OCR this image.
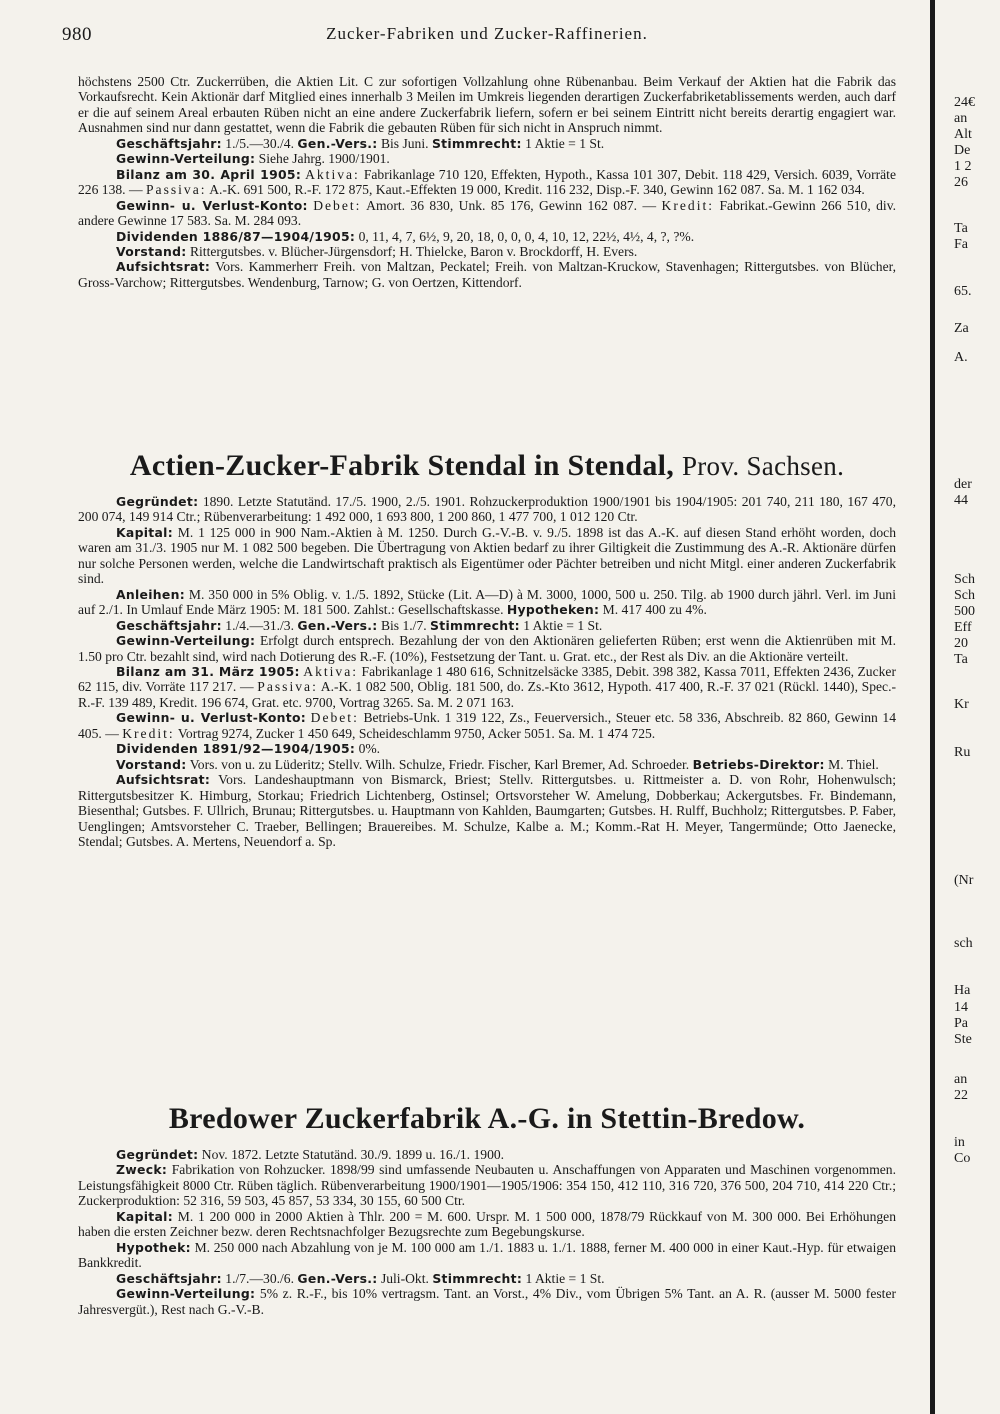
980	Zucker-Fabriken und Zucker-Raffinerien.

höchstens 2500 Ctr. Zuckerrüben, die Aktien Lit. C zur sofortigen Vollzahlung ohne Rübenanbau. Beim Verkauf der Aktien hat die Fabrik das Vorkaufsrecht. Kein Aktionär darf Mitglied eines innerhalb 3 Meilen im Umkreis liegenden derartigen Zuckerfabriketablissements werden, auch darf er die auf seinem Areal erbauten Rüben nicht an eine andere Zuckerfabrik liefern, sofern er bei seinem Eintritt nicht bereits derartig engagiert war. Ausnahmen sind nur dann gestattet, wenn die Fabrik die gebauten Rüben für sich nicht in Anspruch nimmt.

Geschäftsjahr: 1./5.—30./4. Gen.-Vers.: Bis Juni. Stimmrecht: 1 Aktie = 1 St.

Gewinn-Verteilung: Siehe Jahrg. 1900/1901.

Bilanz am 30. April 1905: Aktiva: Fabrikanlage 710 120, Effekten, Hypoth., Kassa 101 307, Debit. 118 429, Versich. 6039, Vorräte 226 138. — Passiva: A.-K. 691 500, R.-F. 172 875, Kaut.-Effekten 19 000, Kredit. 116 232, Disp.-F. 340, Gewinn 162 087. Sa. M. 1 162 034.

Gewinn- u. Verlust-Konto: Debet: Amort. 36 830, Unk. 85 176, Gewinn 162 087. — Kredit: Fabrikat.-Gewinn 266 510, div. andere Gewinne 17 583. Sa. M. 284 093.

Dividenden 1886/87—1904/1905: 0, 11, 4, 7, 6½, 9, 20, 18, 0, 0, 0, 4, 10, 12, 22½, 4½, 4, ?, ?%.

Vorstand: Rittergutsbes. v. Blücher-Jürgensdorf; H. Thielcke, Baron v. Brockdorff, H. Evers.

Aufsichtsrat: Vors. Kammerherr Freih. von Maltzan, Peckatel; Freih. von Maltzan-Kruckow, Stavenhagen; Rittergutsbes. von Blücher, Gross-Varchow; Rittergutsbes. Wendenburg, Tarnow; G. von Oertzen, Kittendorf.

Actien-Zucker-Fabrik Stendal in Stendal, Prov. Sachsen.

Gegründet: 1890. Letzte Statutänd. 17./5. 1900, 2./5. 1901. Rohzuckerproduktion 1900/1901 bis 1904/1905: 201 740, 211 180, 167 470, 200 074, 149 914 Ctr.; Rübenverarbeitung: 1 492 000, 1 693 800, 1 200 860, 1 477 700, 1 012 120 Ctr.

Kapital: M. 1 125 000 in 900 Nam.-Aktien à M. 1250. Durch G.-V.-B. v. 9./5. 1898 ist das A.-K. auf diesen Stand erhöht worden, doch waren am 31./3. 1905 nur M. 1 082 500 begeben. Die Übertragung von Aktien bedarf zu ihrer Giltigkeit die Zustimmung des A.-R. Aktionäre dürfen nur solche Personen werden, welche die Landwirtschaft praktisch als Eigentümer oder Pächter betreiben und nicht Mitgl. einer anderen Zuckerfabrik sind.

Anleihen: M. 350 000 in 5% Oblig. v. 1./5. 1892, Stücke (Lit. A—D) à M. 3000, 1000, 500 u. 250. Tilg. ab 1900 durch jährl. Verl. im Juni auf 2./1. In Umlauf Ende März 1905: M. 181 500. Zahlst.: Gesellschaftskasse. Hypotheken: M. 417 400 zu 4%.

Geschäftsjahr: 1./4.—31./3. Gen.-Vers.: Bis 1./7. Stimmrecht: 1 Aktie = 1 St.

Gewinn-Verteilung: Erfolgt durch entsprech. Bezahlung der von den Aktionären gelieferten Rüben; erst wenn die Aktienrüben mit M. 1.50 pro Ctr. bezahlt sind, wird nach Dotierung des R.-F. (10%), Festsetzung der Tant. u. Grat. etc., der Rest als Div. an die Aktionäre verteilt.

Bilanz am 31. März 1905: Aktiva: Fabrikanlage 1 480 616, Schnitzelsäcke 3385, Debit. 398 382, Kassa 7011, Effekten 2436, Zucker 62 115, div. Vorräte 117 217. — Passiva: A.-K. 1 082 500, Oblig. 181 500, do. Zs.-Kto 3612, Hypoth. 417 400, R.-F. 37 021 (Rückl. 1440), Spec.-R.-F. 139 489, Kredit. 196 674, Grat. etc. 9700, Vortrag 3265. Sa. M. 2 071 163.

Gewinn- u. Verlust-Konto: Debet: Betriebs-Unk. 1 319 122, Zs., Feuerversich., Steuer etc. 58 336, Abschreib. 82 860, Gewinn 14 405. — Kredit: Vortrag 9274, Zucker 1 450 649, Scheideschlamm 9750, Acker 5051. Sa. M. 1 474 725.

Dividenden 1891/92—1904/1905: 0%.

Vorstand: Vors. von u. zu Lüderitz; Stellv. Wilh. Schulze, Friedr. Fischer, Karl Bremer, Ad. Schroeder. Betriebs-Direktor: M. Thiel.

Aufsichtsrat: Vors. Landeshauptmann von Bismarck, Briest; Stellv. Rittergutsbes. u. Rittmeister a. D. von Rohr, Hohenwulsch; Rittergutsbesitzer K. Himburg, Storkau; Friedrich Lichtenberg, Ostinsel; Ortsvorsteher W. Amelung, Dobberkau; Ackergutsbes. Fr. Bindemann, Biesenthal; Gutsbes. F. Ullrich, Brunau; Rittergutsbes. u. Hauptmann von Kahlden, Baumgarten; Gutsbes. H. Rulff, Buchholz; Rittergutsbes. P. Faber, Uenglingen; Amtsvorsteher C. Traeber, Bellingen; Brauereibes. M. Schulze, Kalbe a. M.; Komm.-Rat H. Meyer, Tangermünde; Otto Jaenecke, Stendal; Gutsbes. A. Mertens, Neuendorf a. Sp.

Bredower Zuckerfabrik A.-G. in Stettin-Bredow.

Gegründet: Nov. 1872. Letzte Statutänd. 30./9. 1899 u. 16./1. 1900.

Zweck: Fabrikation von Rohzucker. 1898/99 sind umfassende Neubauten u. Anschaffungen von Apparaten und Maschinen vorgenommen. Leistungsfähigkeit 8000 Ctr. Rüben täglich. Rübenverarbeitung 1900/1901—1905/1906: 354 150, 412 110, 316 720, 376 500, 204 710, 414 220 Ctr.; Zuckerproduktion: 52 316, 59 503, 45 857, 53 334, 30 155, 60 500 Ctr.

Kapital: M. 1 200 000 in 2000 Aktien à Thlr. 200 = M. 600. Urspr. M. 1 500 000, 1878/79 Rückkauf von M. 300 000. Bei Erhöhungen haben die ersten Zeichner bezw. deren Rechtsnachfolger Bezugsrechte zum Begebungskurse.

Hypothek: M. 250 000 nach Abzahlung von je M. 100 000 am 1./1. 1883 u. 1./1. 1888, ferner M. 400 000 in einer Kaut.-Hyp. für etwaigen Bankkredit.

Geschäftsjahr: 1./7.—30./6. Gen.-Vers.: Juli-Okt. Stimmrecht: 1 Aktie = 1 St.

Gewinn-Verteilung: 5% z. R.-F., bis 10% vertragsm. Tant. an Vorst., 4% Div., vom Übrigen 5% Tant. an A. R. (ausser M. 5000 fester Jahresvergüt.), Rest nach G.-V.-B.

24€
an
Alt
De
1 2
26
Ta
Fa
65.
Za
A.
der
44
Sch
Sch
500
Eff
20
Ta
Kr
Ru
(Nr
sch
Ha
14
Pa
Ste
an
22
in
Co
